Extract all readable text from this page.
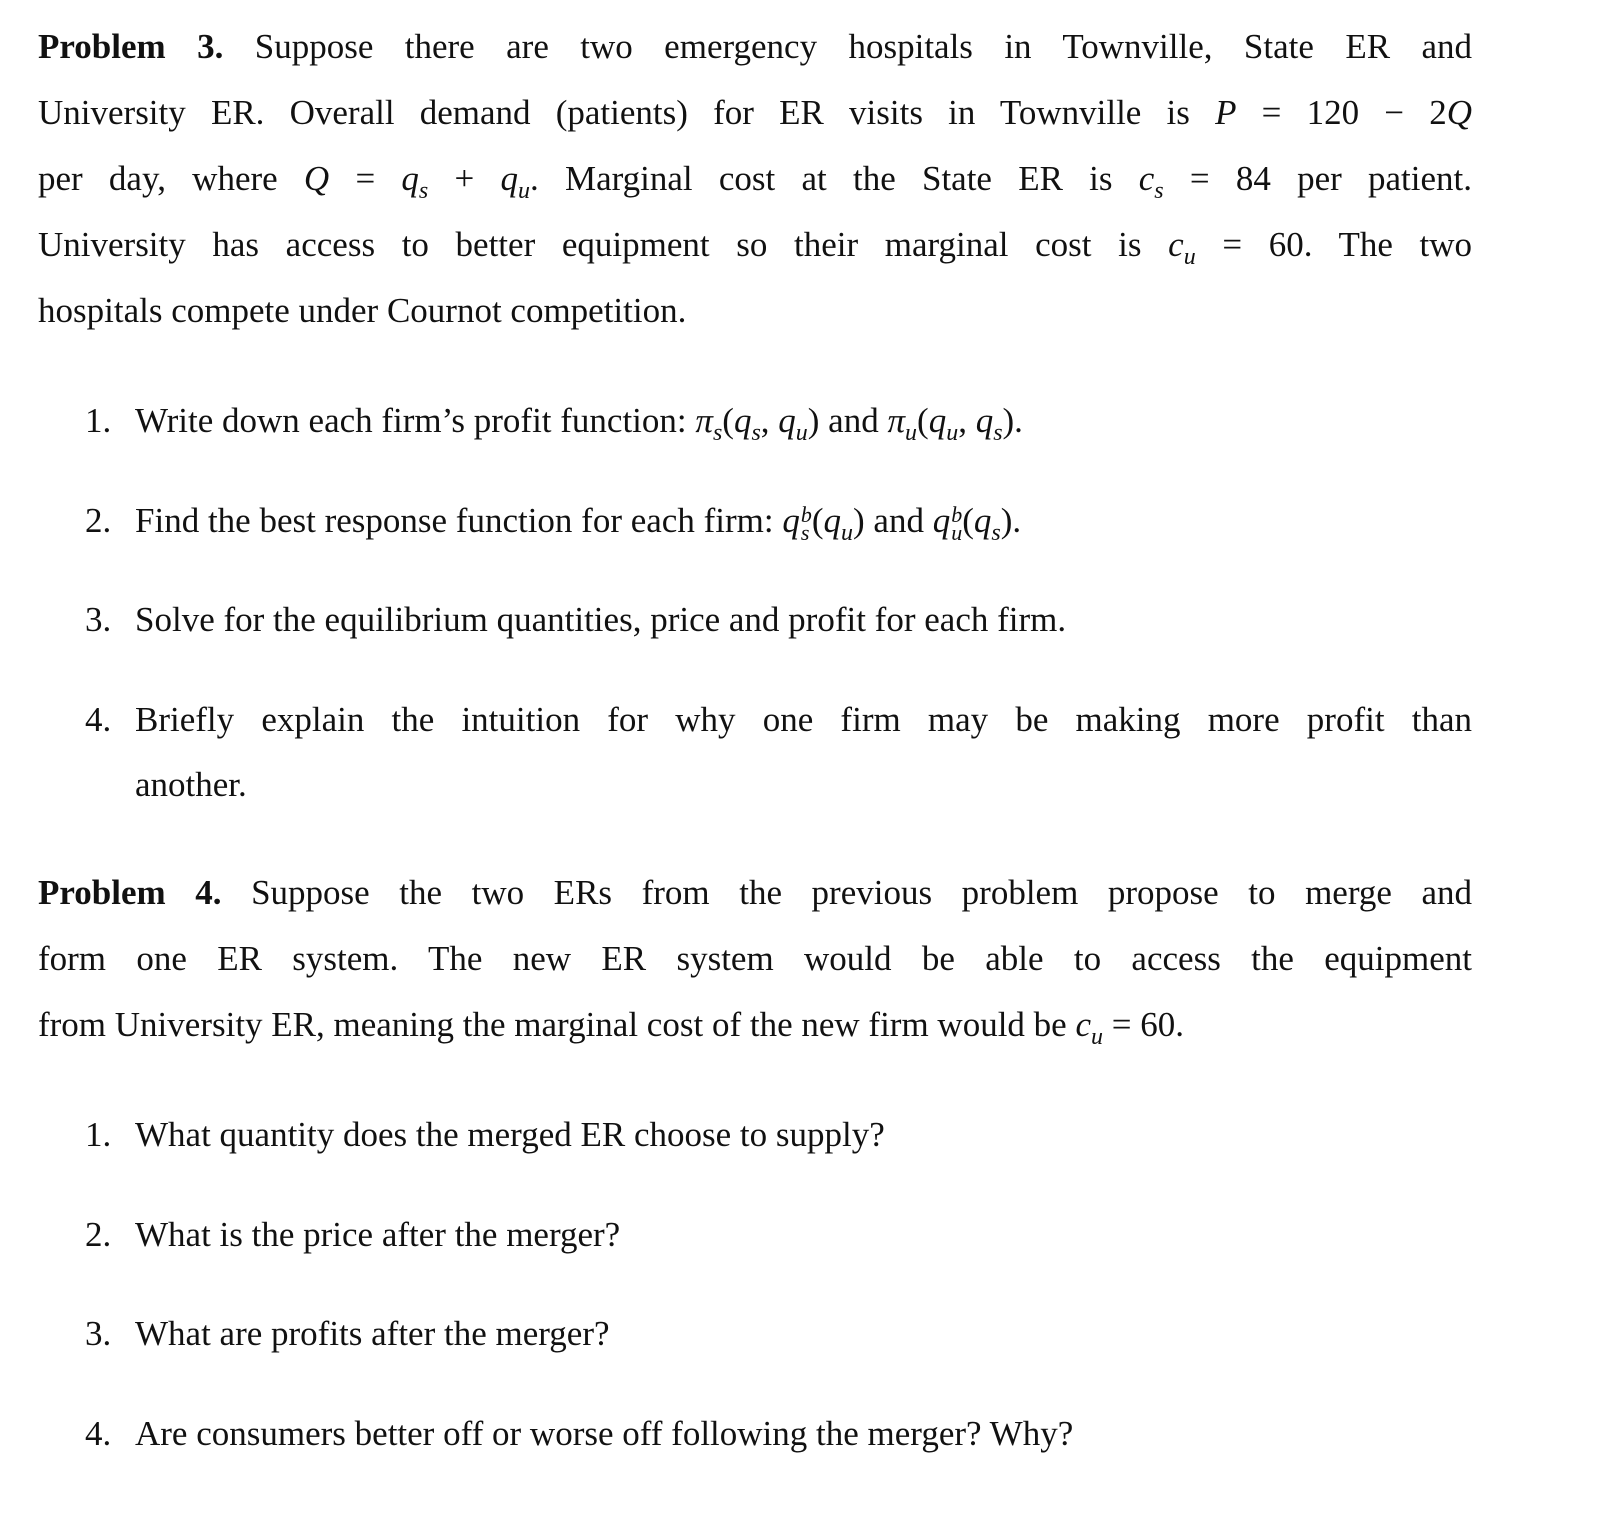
Problem 3. Suppose there are two emergency hospitals in Townville, State ER and
University ER. Overall demand (patients) for ER visits in Townville is P = 120 − 2Q
per day, where $Q = q_s + q_u$. Marginal cost at the State ER is $c_s = 84$ per patient.
University has access to better equipment so their marginal cost is $c_u = 60$. The two
hospitals compete under Cournot competition.
1. Write down each firm’s profit function: $\pi_s(q_s$, $q_u$) and $\pi_u(q_u$, $q_s$).
2. Find the best response function for each firm: q b
s $(q_u)$ and q b
u $(q_s)$.
3. Solve for the equilibrium quantities, price and profit for each firm.
4. Briefly explain the intuition for why one firm may be making more profit than
another.
Problem 4. Suppose the two ERs from the previous problem propose to merge and
form one ER system. The new ER system would be able to access the equipment
from University ER, meaning the marginal cost of the new firm would be $c_u = 60$.
1. What quantity does the merged ER choose to supply?
2. What is the price after the merger?
3. What are profits after the merger?
4. Are consumers better off or worse off following the merger? Why?
